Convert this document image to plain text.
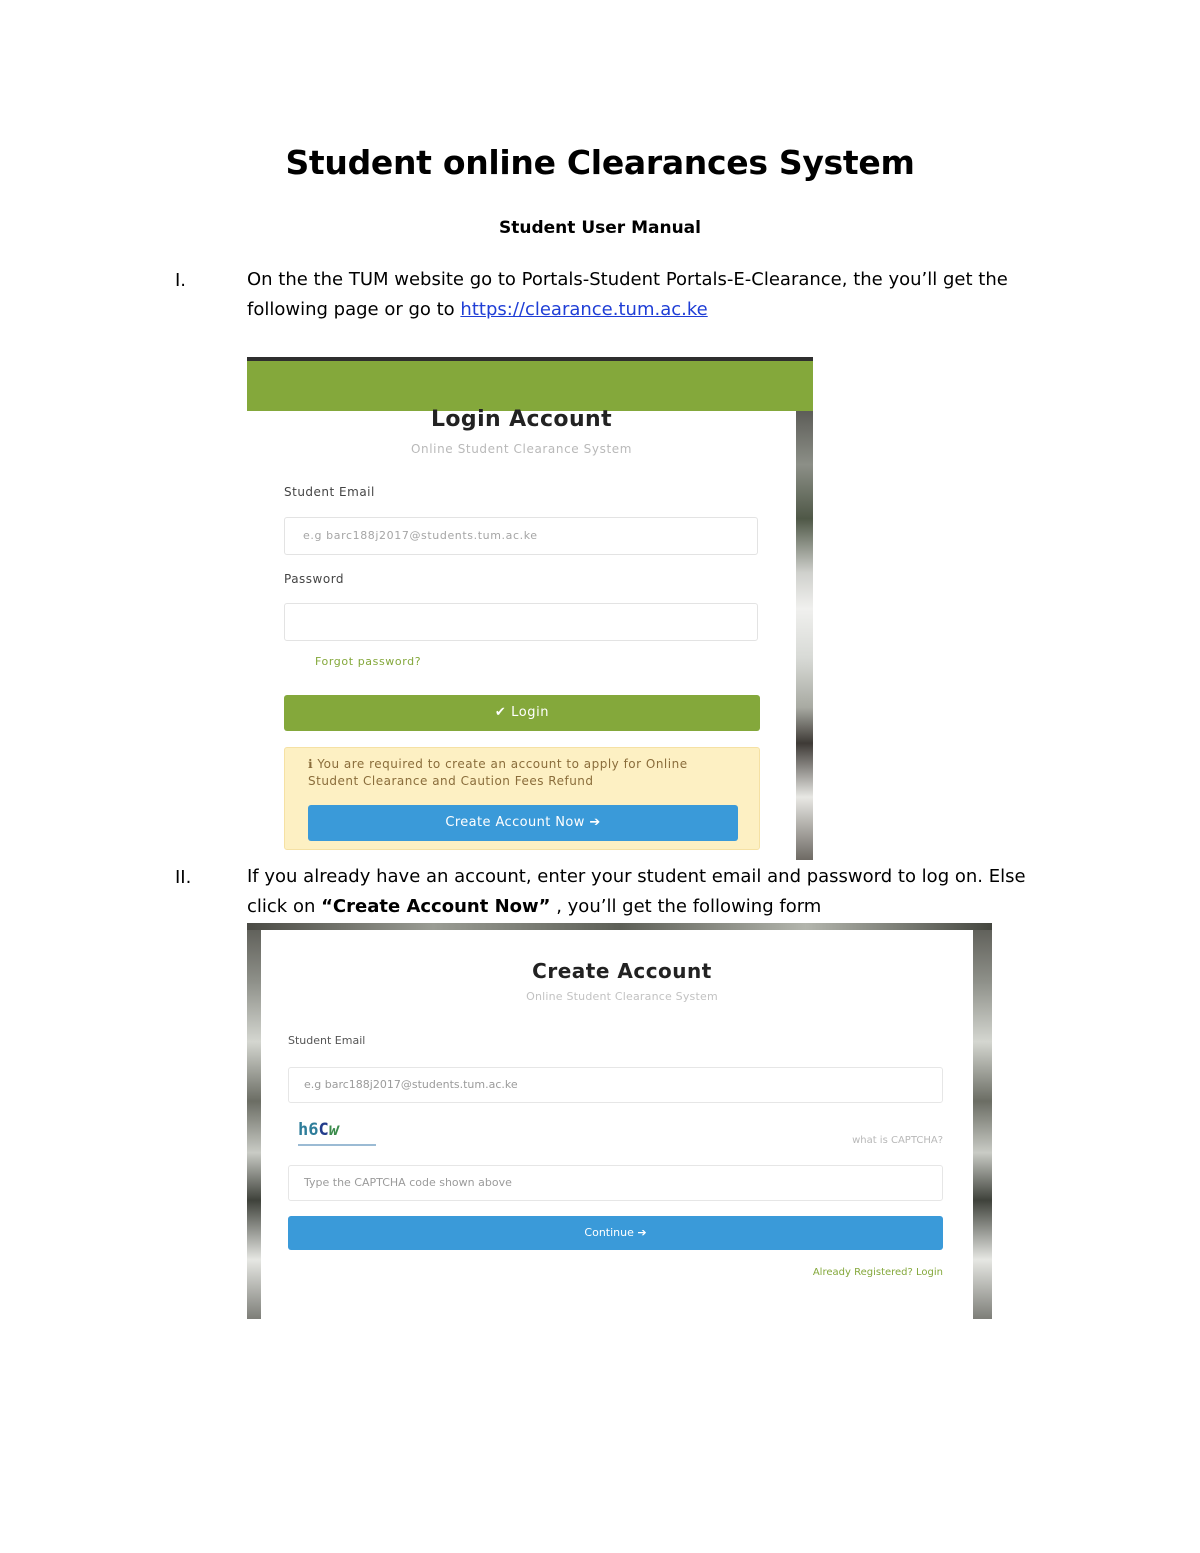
Student online Clearances System
Student User Manual
I.	On the the TUM website go to Portals-Student Portals-E-Clearance, the you’ll get the following page or go to https://clearance.tum.ac.ke
Login Account
Online Student Clearance System
Student Email
e.g barc188j2017@students.tum.ac.ke
Password
Forgot password?
✔ Login
ℹ You are required to create an account to apply for Online Student Clearance and Caution Fees Refund
Create Account Now ➔
II.	If you already have an account, enter your student email and password to log on. Else click on “Create Account Now” , you’ll get the following form
Create Account
Online Student Clearance System
Student Email
e.g barc188j2017@students.tum.ac.ke
h6Cw
what is CAPTCHA?
Type the CAPTCHA code shown above
Continue ➔
Already Registered? Login
